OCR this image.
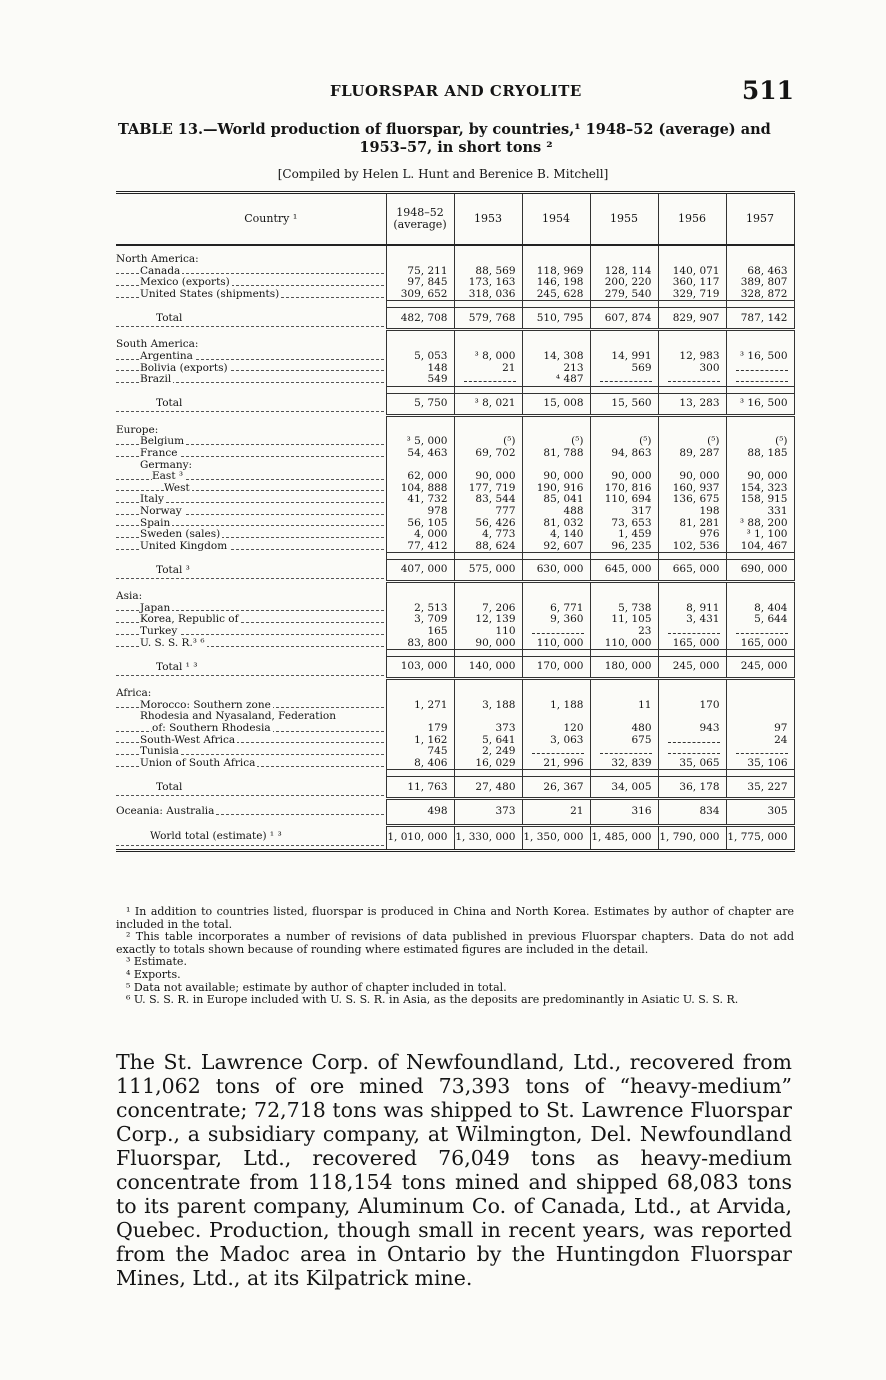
FLUORSPAR AND CRYOLITE	511
TABLE 13.—World production of fluorspar, by countries,¹ 1948–52 (average) and
1953–57, in short tons ²
[Compiled by Helen L. Hunt and Berenice B. Mitchell]
Country ¹	1948–52 (average)	1953	1954	1955	1956	1957

North America:						

Canada	75, 211	88, 569	118, 969	128, 114	140, 071	68, 463

Mexico (exports)	97, 845	173, 163	146, 198	200, 220	360, 117	389, 807

United States (shipments)	309, 652	318, 036	245, 628	279, 540	329, 719	328, 872

Total	482, 708	579, 768	510, 795	607, 874	829, 907	787, 142

South America:						

Argentina	5, 053	³ 8, 000	14, 308	14, 991	12, 983	³ 16, 500

Bolivia (exports)	148	21	213	569	300	

Brazil	549		⁴ 487			

Total	5, 750	³ 8, 021	15, 008	15, 560	13, 283	³ 16, 500

Europe:						

Belgium	³ 5, 000	(⁵)	(⁵)	(⁵)	(⁵)	(⁵)

France	54, 463	69, 702	81, 788	94, 863	89, 287	88, 185
Germany:						

East ³	62, 000	90, 000	90, 000	90, 000	90, 000	90, 000

West	104, 888	177, 719	190, 916	170, 816	160, 937	154, 323

Italy	41, 732	83, 544	85, 041	110, 694	136, 675	158, 915

Norway	978	777	488	317	198	331

Spain	56, 105	56, 426	81, 032	73, 653	81, 281	³ 88, 200

Sweden (sales)	4, 000	4, 773	4, 140	1, 459	976	³ 1, 100

United Kingdom	77, 412	88, 624	92, 607	96, 235	102, 536	104, 467

Total ³	407, 000	575, 000	630, 000	645, 000	665, 000	690, 000

Asia:						

Japan	2, 513	7, 206	6, 771	5, 738	8, 911	8, 404

Korea, Republic of	3, 709	12, 139	9, 360	11, 105	3, 431	5, 644

Turkey	165	110		23		

U. S. S. R.³ ⁶	83, 800	90, 000	110, 000	110, 000	165, 000	165, 000

Total ¹ ³	103, 000	140, 000	170, 000	180, 000	245, 000	245, 000

Africa:						

Morocco: Southern zone	1, 271	3, 188	1, 188	11	170	
Rhodesia and Nyasaland, Federation						

of: Southern Rhodesia	179	373	120	480	943	97

South-West Africa	1, 162	5, 641	3, 063	675		24

Tunisia	745	2, 249				

Union of South Africa	8, 406	16, 029	21, 996	32, 839	35, 065	35, 106

Total	11, 763	27, 480	26, 367	34, 005	36, 178	35, 227

Oceania: Australia	498	373	21	316	834	305

World total (estimate) ¹ ³	1, 010, 000	1, 330, 000	1, 350, 000	1, 485, 000	1, 790, 000	1, 775, 000

¹ In addition to countries listed, fluorspar is produced in China and North Korea. Estimates by author of chapter are included in the total.

² This table incorporates a number of revisions of data published in previous Fluorspar chapters. Data do not add exactly to totals shown because of rounding where estimated figures are included in the detail.

³ Estimate.

⁴ Exports.

⁵ Data not available; estimate by author of chapter included in total.

⁶ U. S. S. R. in Europe included with U. S. S. R. in Asia, as the deposits are predominantly in Asiatic U. S. S. R.

The St. Lawrence Corp. of Newfoundland, Ltd., recovered from 111,062 tons of ore mined 73,393 tons of “heavy-medium” concentrate; 72,718 tons was shipped to St. Lawrence Fluorspar Corp., a subsidiary company, at Wilmington, Del. Newfoundland Fluorspar, Ltd., recovered 76,049 tons as heavy-medium concentrate from 118,154 tons mined and shipped 68,083 tons to its parent company, Aluminum Co. of Canada, Ltd., at Arvida, Quebec. Production, though small in recent years, was reported from the Madoc area in Ontario by the Huntingdon Fluorspar Mines, Ltd., at its Kilpatrick mine.
